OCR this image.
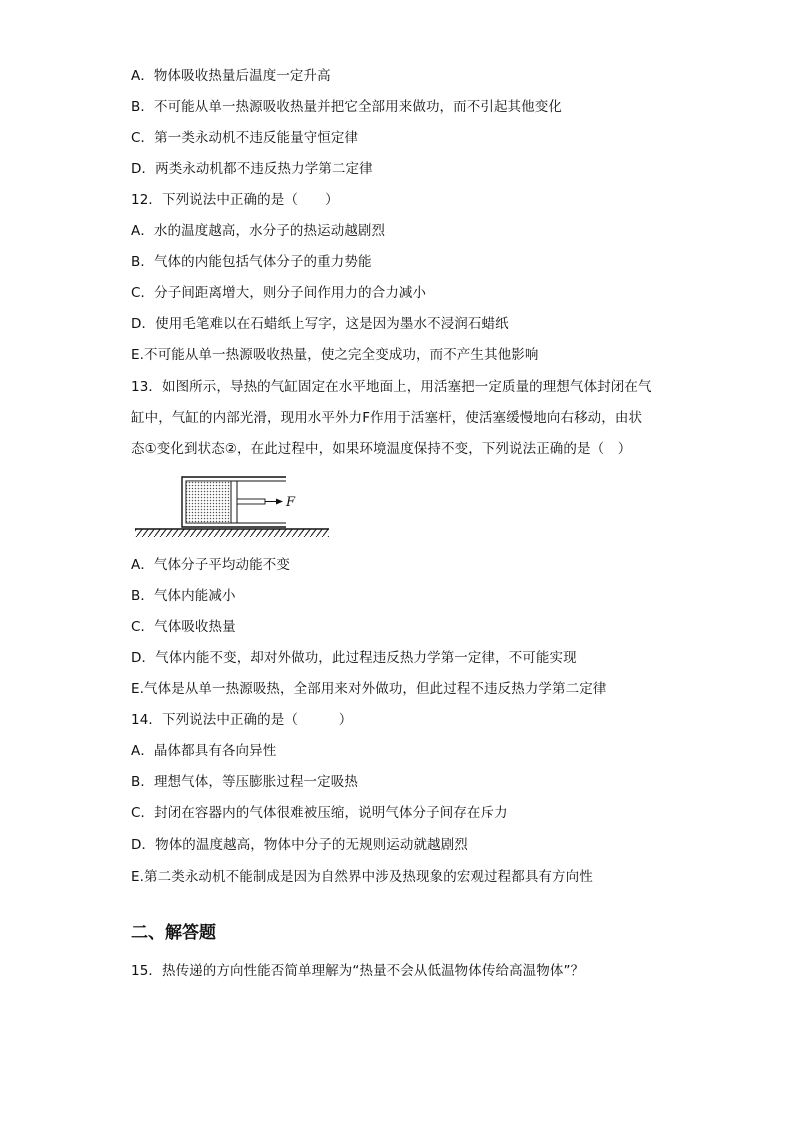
A．物体吸收热量后温度一定升高
B．不可能从单一热源吸收热量并把它全部用来做功，而不引起其他变化
C．第一类永动机不违反能量守恒定律
D．两类永动机都不违反热力学第二定律
12．下列说法中正确的是（　　）
A．水的温度越高，水分子的热运动越剧烈
B．气体的内能包括气体分子的重力势能
C．分子间距离增大，则分子间作用力的合力减小
D．使用毛笔难以在石蜡纸上写字，这是因为墨水不浸润石蜡纸
E.不可能从单一热源吸收热量，使之完全变成功，而不产生其他影响
13．如图所示，导热的气缸固定在水平地面上，用活塞把一定质量的理想气体封闭在气
缸中，气缸的内部光滑，现用水平外力F作用于活塞杆，使活塞缓慢地向右移动，由状
态①变化到状态②，在此过程中，如果环境温度保持不变，下列说法正确的是（　）
F
A．气体分子平均动能不变
B．气体内能减小
C．气体吸收热量
D．气体内能不变，却对外做功，此过程违反热力学第一定律，不可能实现
E.气体是从单一热源吸热，全部用来对外做功，但此过程不违反热力学第二定律
14．下列说法中正确的是（　　　）
A．晶体都具有各向异性
B．理想气体，等压膨胀过程一定吸热
C．封闭在容器内的气体很难被压缩，说明气体分子间存在斥力
D．物体的温度越高，物体中分子的无规则运动就越剧烈
E.第二类永动机不能制成是因为自然界中涉及热现象的宏观过程都具有方向性
二、解答题
15．热传递的方向性能否简单理解为“热量不会从低温物体传给高温物体”？
